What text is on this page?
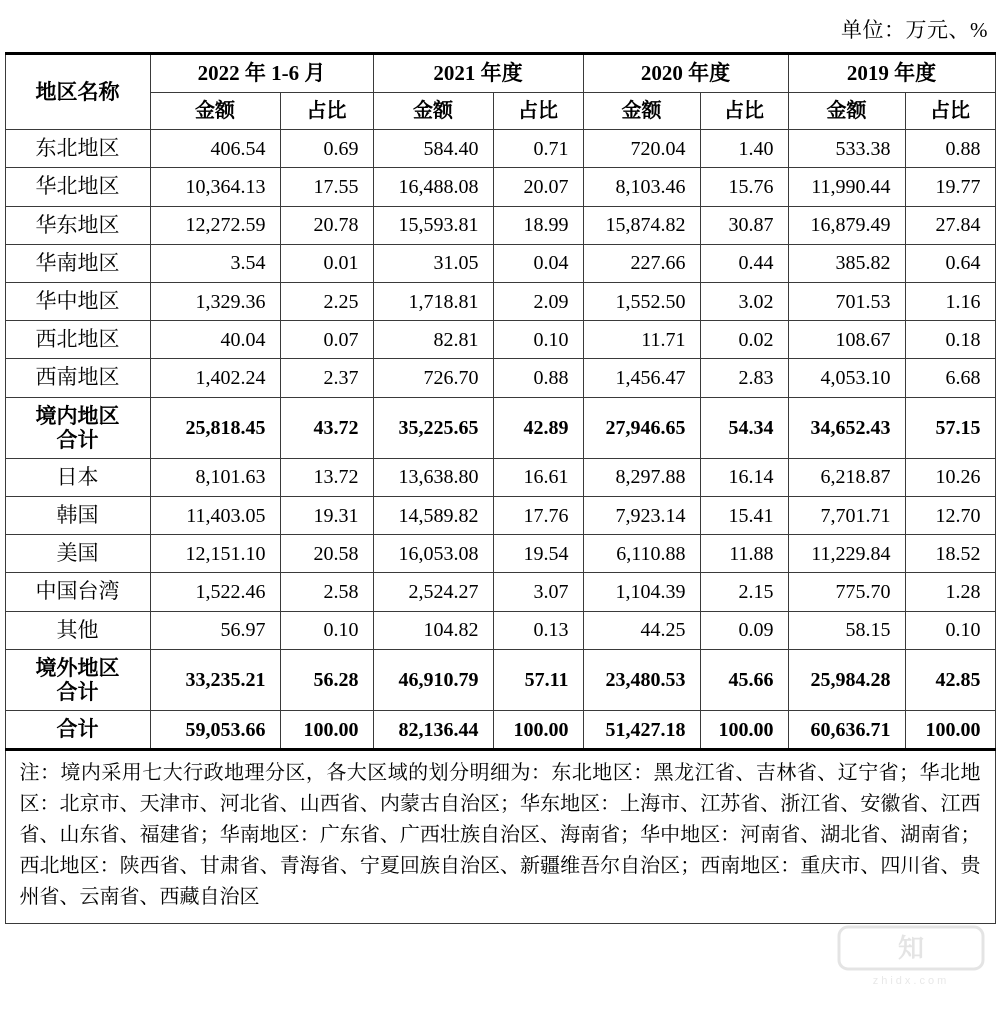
单位：万元、%
地区名称	2022 年 1-6 月		2021 年度		2020 年度		2019 年度	

	金额	占比	金额	占比	金额	占比	金额	占比

东北地区	406.54	0.69	584.40	0.71	720.04	1.40	533.38	0.88

华北地区	10,364.13	17.55	16,488.08	20.07	8,103.46	15.76	11,990.44	19.77

华东地区	12,272.59	20.78	15,593.81	18.99	15,874.82	30.87	16,879.49	27.84

华南地区	3.54	0.01	31.05	0.04	227.66	0.44	385.82	0.64

华中地区	1,329.36	2.25	1,718.81	2.09	1,552.50	3.02	701.53	1.16

西北地区	40.04	0.07	82.81	0.10	11.71	0.02	108.67	0.18

西南地区	1,402.24	2.37	726.70	0.88	1,456.47	2.83	4,053.10	6.68

境内地区
合计	25,818.45	43.72	35,225.65	42.89	27,946.65	54.34	34,652.43	57.15

日本	8,101.63	13.72	13,638.80	16.61	8,297.88	16.14	6,218.87	10.26

韩国	11,403.05	19.31	14,589.82	17.76	7,923.14	15.41	7,701.71	12.70

美国	12,151.10	20.58	16,053.08	19.54	6,110.88	11.88	11,229.84	18.52

中国台湾	1,522.46	2.58	2,524.27	3.07	1,104.39	2.15	775.70	1.28

其他	56.97	0.10	104.82	0.13	44.25	0.09	58.15	0.10

境外地区
合计	33,235.21	56.28	46,910.79	57.11	23,480.53	45.66	25,984.28	42.85

合计	59,053.66	100.00	82,136.44	100.00	51,427.18	100.00	60,636.71	100.00

注：境内采用七大行政地理分区，各大区域的划分明细为：东北地区：黑龙江省、吉林省、辽宁省；华北地区：北京市、天津市、河北省、山西省、内蒙古自治区；华东地区：上海市、江苏省、浙江省、安徽省、江西省、山东省、福建省；华南地区：广东省、广西壮族自治区、海南省；华中地区：河南省、湖北省、湖南省；西北地区：陕西省、甘肃省、青海省、宁夏回族自治区、新疆维吾尔自治区；西南地区：重庆市、四川省、贵州省、云南省、西藏自治区								
知
zhidx.com
